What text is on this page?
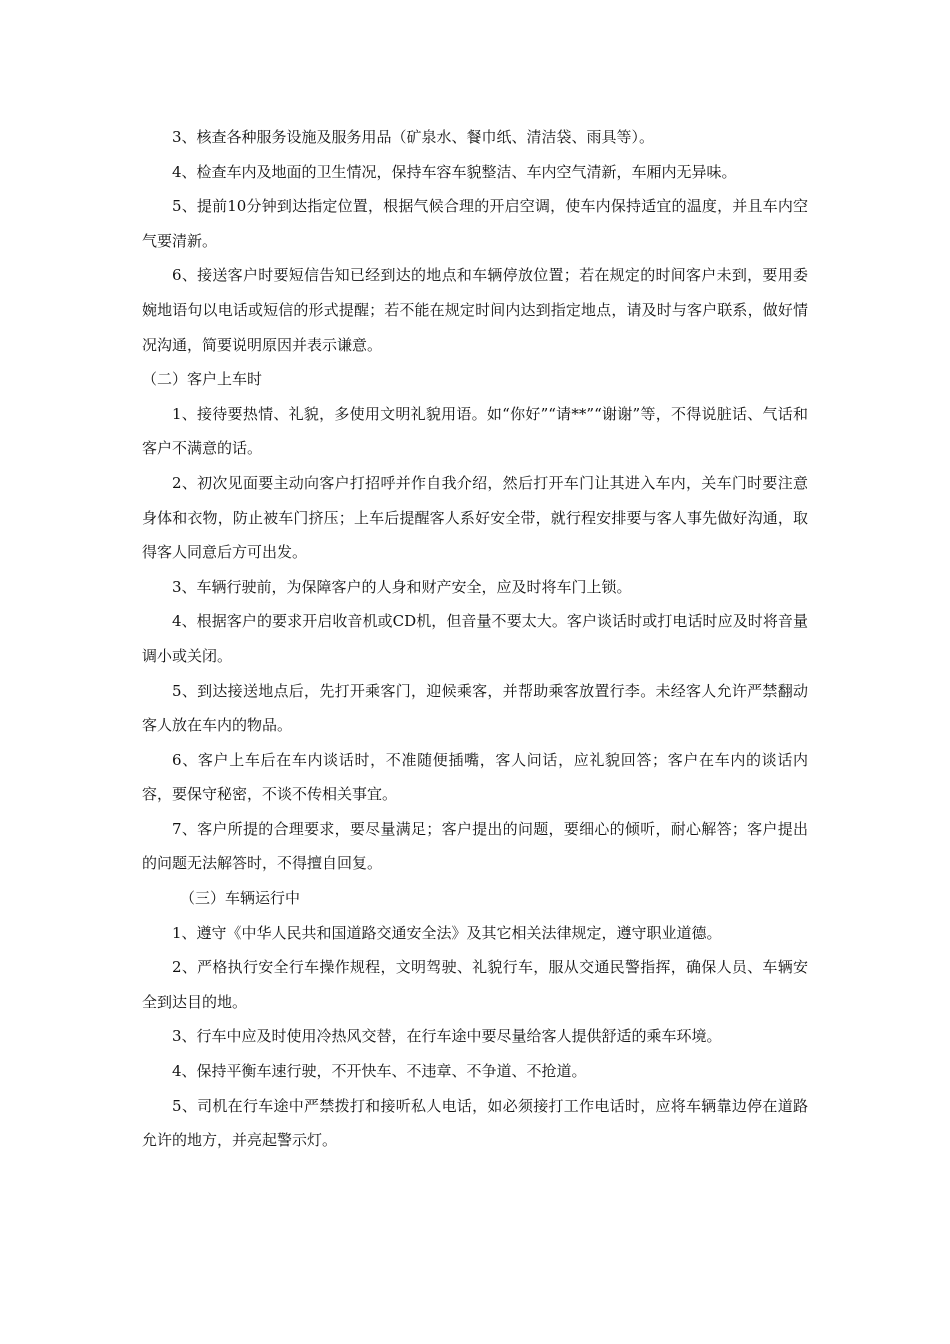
3、核查各种服务设施及服务用品（矿泉水、餐巾纸、清洁袋、雨具等）。

4、检查车内及地面的卫生情况，保持车容车貌整洁、车内空气清新，车厢内无异味。

5、提前10分钟到达指定位置，根据气候合理的开启空调，使车内保持适宜的温度，并且车内空气要清新。

6、接送客户时要短信告知已经到达的地点和车辆停放位置；若在规定的时间客户未到，要用委婉地语句以电话或短信的形式提醒；若不能在规定时间内达到指定地点，请及时与客户联系，做好情况沟通，简要说明原因并表示谦意。

（二）客户上车时

1、接待要热情、礼貌，多使用文明礼貌用语。如“你好”“请**”“谢谢”等，不得说脏话、气话和客户不满意的话。

2、初次见面要主动向客户打招呼并作自我介绍，然后打开车门让其进入车内，关车门时要注意身体和衣物，防止被车门挤压；上车后提醒客人系好安全带，就行程安排要与客人事先做好沟通，取得客人同意后方可出发。

3、车辆行驶前，为保障客户的人身和财产安全，应及时将车门上锁。

4、根据客户的要求开启收音机或CD机，但音量不要太大。客户谈话时或打电话时应及时将音量调小或关闭。

5、到达接送地点后，先打开乘客门，迎候乘客，并帮助乘客放置行李。未经客人允许严禁翻动客人放在车内的物品。

6、客户上车后在车内谈话时，不准随便插嘴，客人问话，应礼貌回答；客户在车内的谈话内容，要保守秘密，不谈不传相关事宜。

7、客户所提的合理要求，要尽量满足；客户提出的问题，要细心的倾听，耐心解答；客户提出的问题无法解答时，不得擅自回复。

（三）车辆运行中

1、遵守《中华人民共和国道路交通安全法》及其它相关法律规定，遵守职业道德。

2、严格执行安全行车操作规程，文明驾驶、礼貌行车，服从交通民警指挥，确保人员、车辆安全到达目的地。

3、行车中应及时使用冷热风交替，在行车途中要尽量给客人提供舒适的乘车环境。

4、保持平衡车速行驶，不开快车、不违章、不争道、不抢道。

5、司机在行车途中严禁拨打和接听私人电话，如必须接打工作电话时，应将车辆靠边停在道路允许的地方，并亮起警示灯。
